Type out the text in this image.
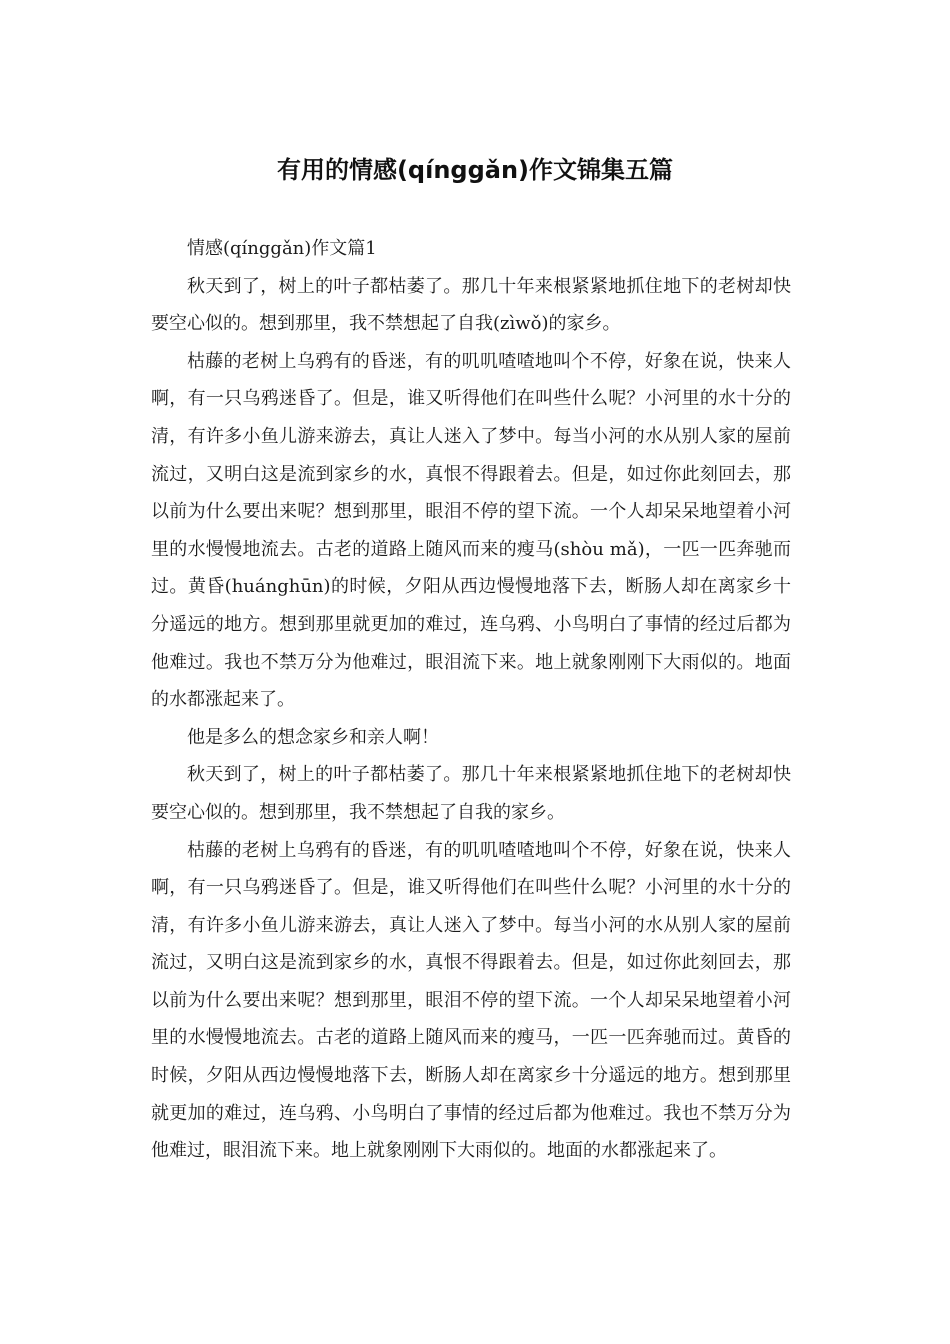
有用的情感(qínggǎn)作文锦集五篇

情感(qínggǎn)作文篇1

秋天到了，树上的叶子都枯萎了。那几十年来根紧紧地抓住地下的老树却快要空心似的。想到那里，我不禁想起了自我(zìwǒ)的家乡。

枯藤的老树上乌鸦有的昏迷，有的叽叽喳喳地叫个不停，好象在说，快来人啊，有一只乌鸦迷昏了。但是，谁又听得他们在叫些什么呢？小河里的水十分的清，有许多小鱼儿游来游去，真让人迷入了梦中。每当小河的水从别人家的屋前流过，又明白这是流到家乡的水，真恨不得跟着去。但是，如过你此刻回去，那以前为什么要出来呢？想到那里，眼泪不停的望下流。一个人却呆呆地望着小河里的水慢慢地流去。古老的道路上随风而来的瘦马(shòu mǎ)，一匹一匹奔驰而过。黄昏(huánghūn)的时候，夕阳从西边慢慢地落下去，断肠人却在离家乡十分遥远的地方。想到那里就更加的难过，连乌鸦、小鸟明白了事情的经过后都为他难过。我也不禁万分为他难过，眼泪流下来。地上就象刚刚下大雨似的。地面的水都涨起来了。

他是多么的想念家乡和亲人啊！

秋天到了，树上的叶子都枯萎了。那几十年来根紧紧地抓住地下的老树却快要空心似的。想到那里，我不禁想起了自我的家乡。

枯藤的老树上乌鸦有的昏迷，有的叽叽喳喳地叫个不停，好象在说，快来人啊，有一只乌鸦迷昏了。但是，谁又听得他们在叫些什么呢？小河里的水十分的清，有许多小鱼儿游来游去，真让人迷入了梦中。每当小河的水从别人家的屋前流过，又明白这是流到家乡的水，真恨不得跟着去。但是，如过你此刻回去，那以前为什么要出来呢？想到那里，眼泪不停的望下流。一个人却呆呆地望着小河里的水慢慢地流去。古老的道路上随风而来的瘦马，一匹一匹奔驰而过。黄昏的时候，夕阳从西边慢慢地落下去，断肠人却在离家乡十分遥远的地方。想到那里就更加的难过，连乌鸦、小鸟明白了事情的经过后都为他难过。我也不禁万分为他难过，眼泪流下来。地上就象刚刚下大雨似的。地面的水都涨起来了。
